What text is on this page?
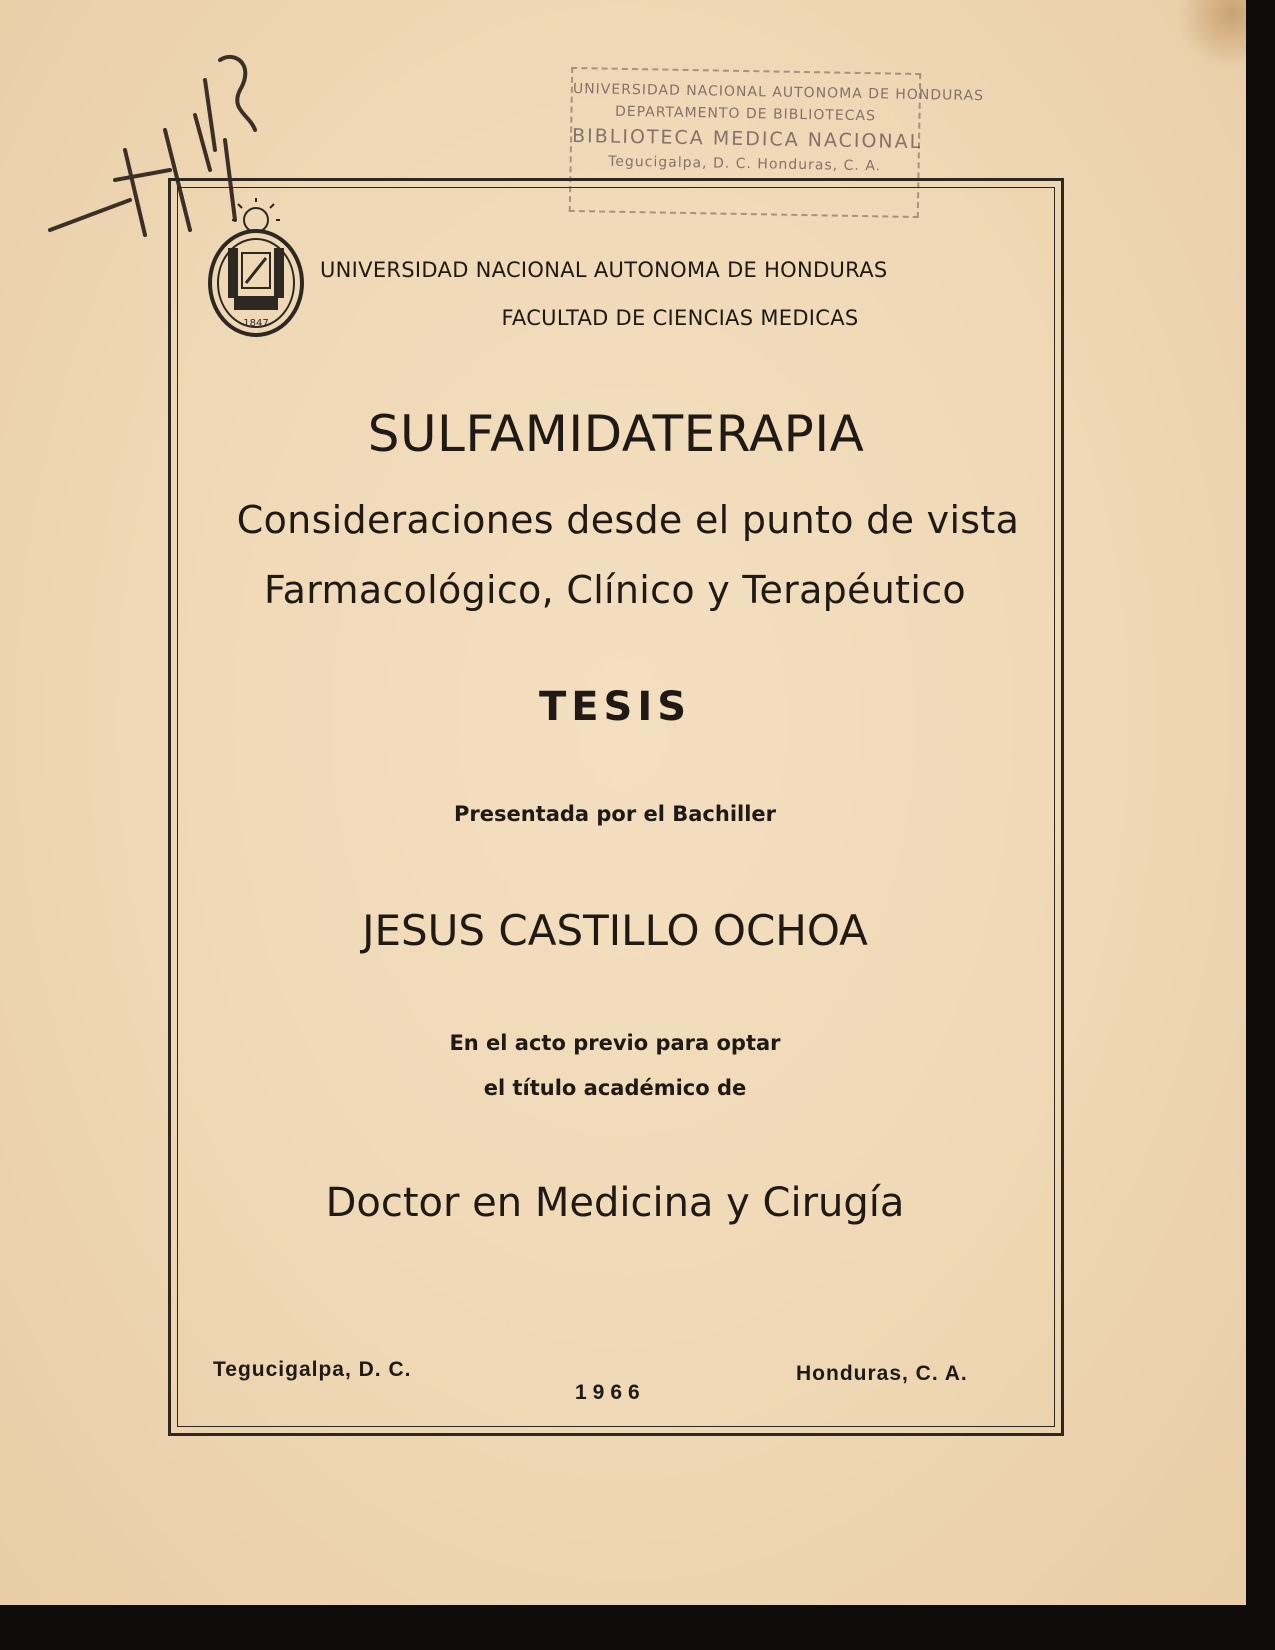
UNIVERSIDAD NACIONAL AUTONOMA DE HONDURAS
DEPARTAMENTO DE BIBLIOTECAS
BIBLIOTECA MEDICA NACIONAL
Tegucigalpa, D. C. Honduras, C. A.
1847
UNIVERSIDAD NACIONAL AUTONOMA DE HONDURAS
FACULTAD DE CIENCIAS MEDICAS
SULFAMIDATERAPIA
Consideraciones desde el punto de vista
Farmacológico, Clínico y Terapéutico
TESIS
Presentada por el Bachiller
JESUS CASTILLO OCHOA
En el acto previo para optar
el título académico de
Doctor en Medicina y Cirugía
Tegucigalpa, D. C.	Honduras, C. A.
1966
